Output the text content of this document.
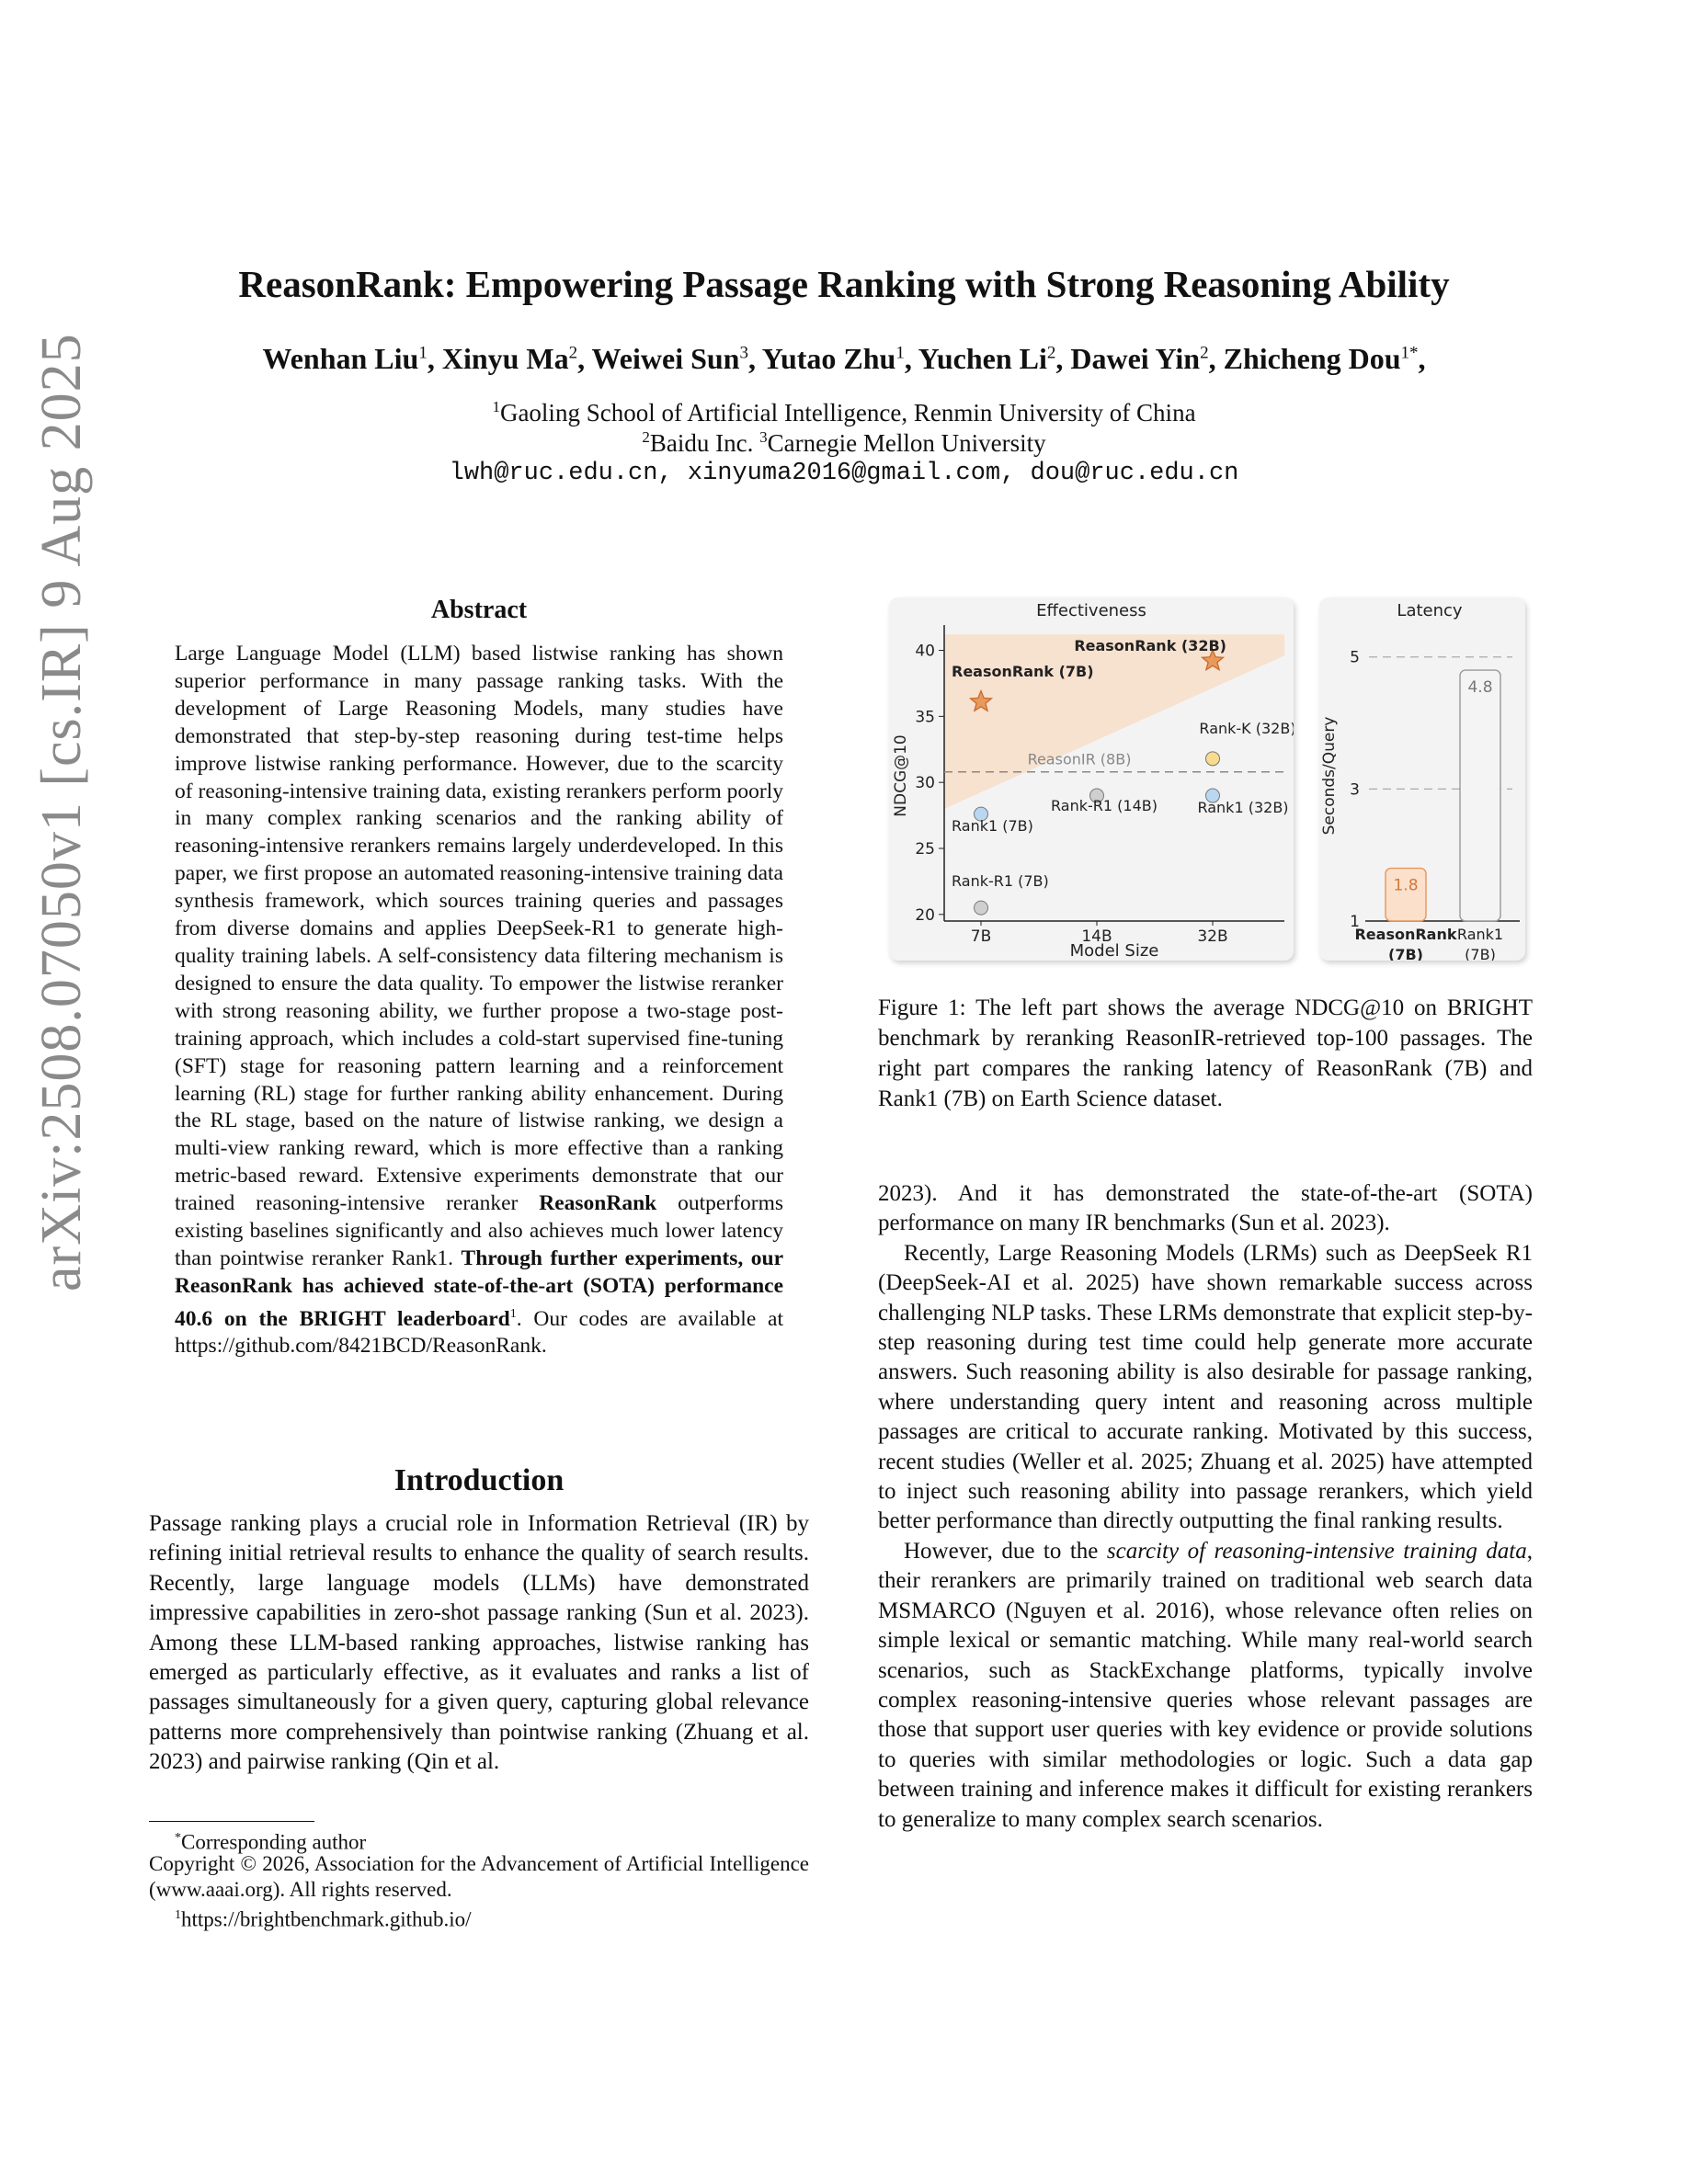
arXiv:2508.07050v1 [cs.IR] 9 Aug 2025
ReasonRank: Empowering Passage Ranking with Strong Reasoning Ability
Wenhan Liu$^1$, Xinyu Ma$^2$, Weiwei Sun$^3$, Yutao Zhu$^1$, Yuchen Li$^2$, Dawei Yin$^2$, Zhicheng Dou$^{1*}$,
$^1$Gaoling School of Artificial Intelligence, Renmin University of China
$^2$Baidu Inc. $^3$Carnegie Mellon University
lwh@ruc.edu.cn, xinyuma2016@gmail.com, dou@ruc.edu.cn
Abstract

Large Language Model (LLM) based listwise ranking has shown superior performance in many passage ranking tasks. With the development of Large Reasoning Models, many studies have demonstrated that step-by-step reasoning during test-time helps improve listwise ranking performance. However, due to the scarcity of reasoning-intensive training data, existing rerankers perform poorly in many complex ranking scenarios and the ranking ability of reasoning-intensive rerankers remains largely underdeveloped. In this paper, we first propose an automated reasoning-intensive training data synthesis framework, which sources training queries and passages from diverse domains and applies DeepSeek-R1 to generate high-quality training labels. A self-consistency data filtering mechanism is designed to ensure the data quality. To empower the listwise reranker with strong reasoning ability, we further propose a two-stage post-training approach, which includes a cold-start supervised fine-tuning (SFT) stage for reasoning pattern learning and a reinforcement learning (RL) stage for further ranking ability enhancement. During the RL stage, based on the nature of listwise ranking, we design a multi-view ranking reward, which is more effective than a ranking metric-based reward. Extensive experiments demonstrate that our trained reasoning-intensive reranker ReasonRank outperforms existing baselines significantly and also achieves much lower latency than pointwise reranker Rank1. Through further experiments, our ReasonRank has achieved state-of-the-art (SOTA) performance 40.6 on the BRIGHT leaderboard$^1$. Our codes are available at https://github.com/8421BCD/ReasonRank.

Introduction

Passage ranking plays a crucial role in Information Retrieval (IR) by refining initial retrieval results to enhance the quality of search results. Recently, large language models (LLMs) have demonstrated impressive capabilities in zero-shot passage ranking (Sun et al. 2023). Among these LLM-based ranking approaches, listwise ranking has emerged as particularly effective, as it evaluates and ranks a list of passages simultaneously for a given query, capturing global relevance patterns more comprehensively than pointwise ranking (Zhuang et al. 2023) and pairwise ranking (Qin et al.

*Corresponding author
Copyright © 2026, Association for the Advancement of Artificial Intelligence (www.aaai.org). All rights reserved.
$^1$https://brightbenchmark.github.io/
Effectiveness
20
25
30
35
40
7B	14B	32B
Model Size
NDCG@10	ReasonIR (8B)
ReasonRank (7B)
ReasonRank (32B)
Rank-K (32B)
Rank1 (7B)
Rank-R1 (14B)	Rank1 (32B)
Rank-R1 (7B)
Latency
1
3
5
Seconds/Query
1.8
ReasonRank
(7B)
4.8
Rank1
(7B)
Figure 1: The left part shows the average NDCG@10 on BRIGHT benchmark by reranking ReasonIR-retrieved top-100 passages. The right part compares the ranking latency of ReasonRank (7B) and Rank1 (7B) on Earth Science dataset.

2023). And it has demonstrated the state-of-the-art (SOTA) performance on many IR benchmarks (Sun et al. 2023).

Recently, Large Reasoning Models (LRMs) such as DeepSeek R1 (DeepSeek-AI et al. 2025) have shown remarkable success across challenging NLP tasks. These LRMs demonstrate that explicit step-by-step reasoning during test time could help generate more accurate answers. Such reasoning ability is also desirable for passage ranking, where understanding query intent and reasoning across multiple passages are critical to accurate ranking. Motivated by this success, recent studies (Weller et al. 2025; Zhuang et al. 2025) have attempted to inject such reasoning ability into passage rerankers, which yield better performance than directly outputting the final ranking results.

However, due to the scarcity of reasoning-intensive training data, their rerankers are primarily trained on traditional web search data MSMARCO (Nguyen et al. 2016), whose relevance often relies on simple lexical or semantic matching. While many real-world search scenarios, such as StackExchange platforms, typically involve complex reasoning-intensive queries whose relevant passages are those that support user queries with key evidence or provide solutions to queries with similar methodologies or logic. Such a data gap between training and inference makes it difficult for existing rerankers to generalize to many complex search scenarios.
